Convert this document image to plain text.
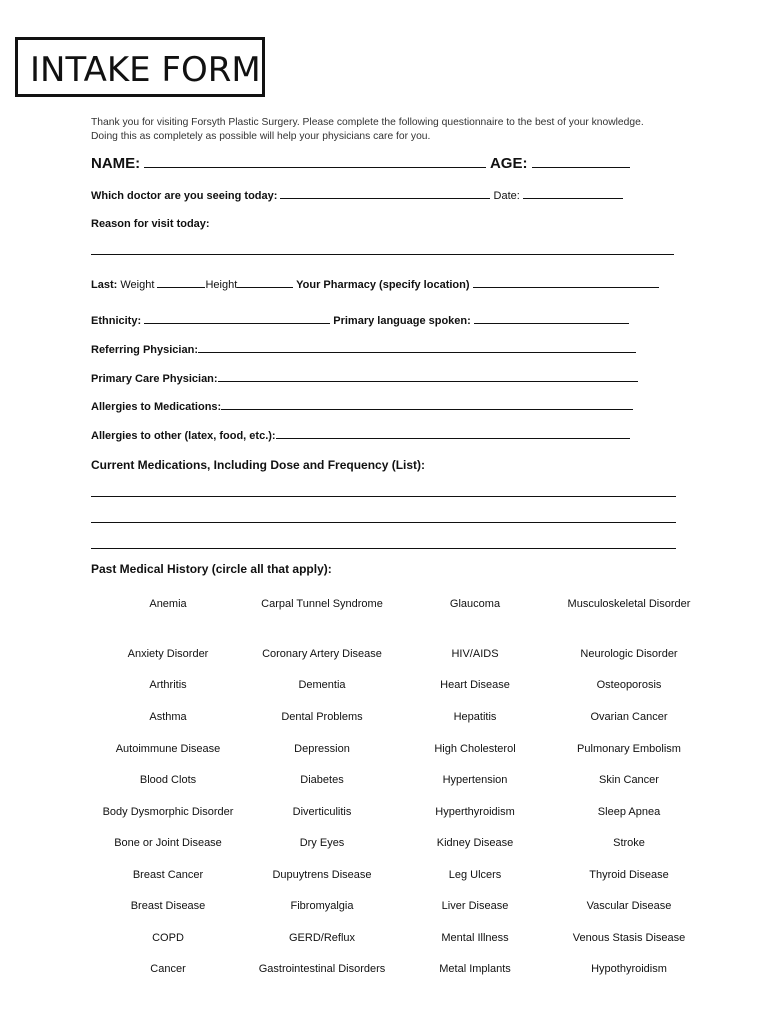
INTAKE FORM
Thank you for visiting Forsyth Plastic Surgery. Please complete the following questionnaire to the best of your knowledge.
Doing this as completely as possible will help your physicians care for you.
NAME:	AGE:
Which doctor are you seeing today:	Date:
Reason for visit today:
Last: Weight	Height	Your Pharmacy (specify location)
Ethnicity:	Primary language spoken:
Referring Physician:
Primary Care Physician:
Allergies to Medications:
Allergies to other (latex, food, etc.):
Current Medications, Including Dose and Frequency (List):
Past Medical History (circle all that apply):
Anemia	Carpal Tunnel Syndrome	Glaucoma	Musculoskeletal Disorder
Anxiety Disorder	Coronary Artery Disease	HIV/AIDS	Neurologic Disorder
Arthritis	Dementia	Heart Disease	Osteoporosis
Asthma	Dental Problems	Hepatitis	Ovarian Cancer
Autoimmune Disease	Depression	High Cholesterol	Pulmonary Embolism
Blood Clots	Diabetes	Hypertension	Skin Cancer
Body Dysmorphic Disorder	Diverticulitis	Hyperthyroidism	Sleep Apnea
Bone or Joint Disease	Dry Eyes	Kidney Disease	Stroke
Breast Cancer	Dupuytrens Disease	Leg Ulcers	Thyroid Disease
Breast Disease	Fibromyalgia	Liver Disease	Vascular Disease
COPD	GERD/Reflux	Mental Illness	Venous Stasis Disease
Cancer	Gastrointestinal Disorders	Metal Implants	Hypothyroidism
